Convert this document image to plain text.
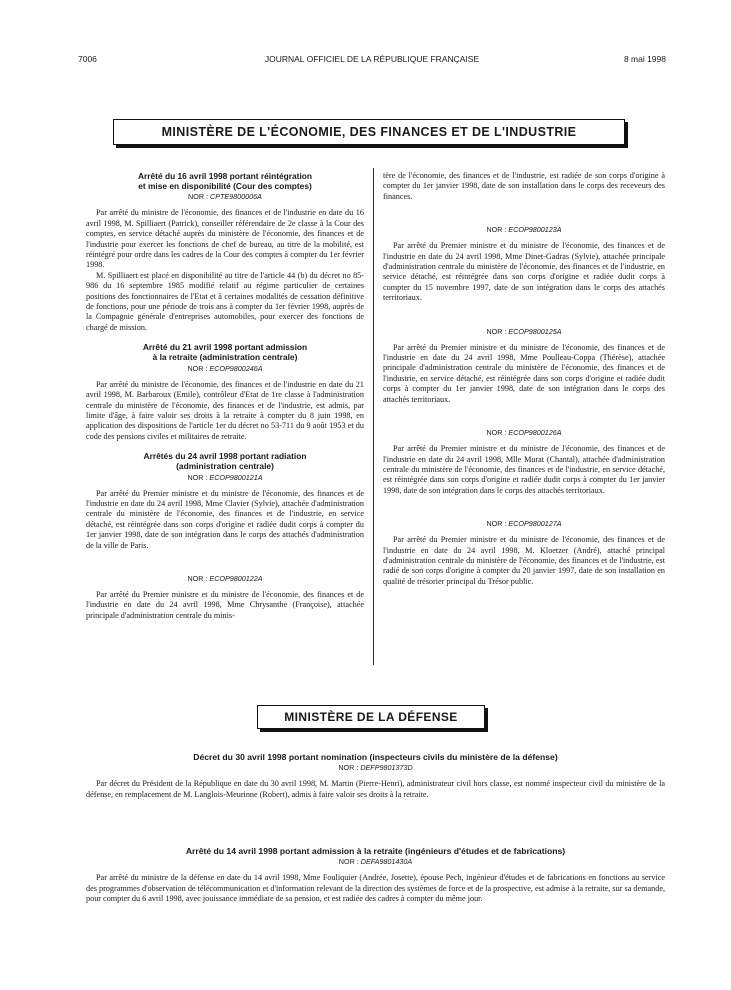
7006	JOURNAL OFFICIEL DE LA RÉPUBLIQUE FRANÇAISE	8 mai 1998
MINISTÈRE DE L'ÉCONOMIE, DES FINANCES ET DE L'INDUSTRIE

Arrêté du 16 avril 1998 portant réintégration

et mise en disponibilité (Cour des comptes)

NOR : CPTE9800006A

Par arrêté du ministre de l'économie, des finances et de l'industrie en date du 16 avril 1998, M. Spilliaert (Patrick), conseiller référendaire de 2e classe à la Cour des comptes, en service détaché auprès du ministère de l'économie, des finances et de l'industrie pour exercer les fonctions de chef de bureau, au titre de la mobilité, est réintégré pour ordre dans les cadres de la Cour des comptes à compter du 1er février 1998.

M. Spilliaert est placé en disponibilité au titre de l'article 44 (b) du décret no 85-986 du 16 septembre 1985 modifié relatif au régime particulier de certaines positions des fonctionnaires de l'Etat et à certaines modalités de cessation définitive de fonctions, pour une période de trois ans à compter du 1er février 1998, auprès de la Compagnie générale d'entreprises automobiles, pour exercer des fonctions de chargé de mission.

Arrêté du 21 avril 1998 portant admission

à la retraite (administration centrale)

NOR : ECOP9800246A

Par arrêté du ministre de l'économie, des finances et de l'industrie en date du 21 avril 1998, M. Barbaroux (Emile), contrôleur d'Etat de 1re classe à l'administration centrale du ministère de l'économie, des finances et de l'industrie, est admis, par limite d'âge, à faire valoir ses droits à la retraite à compter du 8 juin 1998, en application des dispositions de l'article 1er du décret no 53-711 du 9 août 1953 et du code des pensions civiles et militaires de retraite.

Arrêtés du 24 avril 1998 portant radiation

(administration centrale)

NOR : ECOP9800121A

Par arrêté du Premier ministre et du ministre de l'économie, des finances et de l'industrie en date du 24 avril 1998, Mme Clavier (Sylvie), attachée d'administration centrale du ministère de l'économie, des finances et de l'industrie, en service détaché, est réintégrée dans son corps d'origine et radiée dudit corps à compter du 1er janvier 1998, date de son intégration dans le corps des attachés d'administration de la ville de Paris.

NOR : ECOP9800122A

Par arrêté du Premier ministre et du ministre de l'économie, des finances et de l'industrie en date du 24 avril 1998, Mme Chrysanthe (Françoise), attachée principale d'administration centrale du minis-

tère de l'économie, des finances et de l'industrie, est radiée de son corps d'origine à compter du 1er janvier 1998, date de son installation dans le corps des receveurs des finances.

NOR : ECOP9800123A

Par arrêté du Premier ministre et du ministre de l'économie, des finances et de l'industrie en date du 24 avril 1998, Mme Dinet-Gadras (Sylvie), attachée principale d'administration centrale du ministère de l'économie, des finances et de l'industrie, en service détaché, est réintégrée dans son corps d'origine et radiée dudit corps à compter du 15 novembre 1997, date de son intégration dans le corps des attachés territoriaux.

NOR : ECOP9800125A

Par arrêté du Premier ministre et du ministre de l'économie, des finances et de l'industrie en date du 24 avril 1998, Mme Poulleau-Coppa (Thérèse), attachée principale d'administration centrale du ministère de l'économie, des finances et de l'industrie, en service détaché, est réintégrée dans son corps d'origine et radiée dudit corps à compter du 1er janvier 1998, date de son intégration dans le corps des attachés territoriaux.

NOR : ECOP9800126A

Par arrêté du Premier ministre et du ministre de l'économie, des finances et de l'industrie en date du 24 avril 1998, Mlle Murat (Chantal), attachée d'administration centrale du ministère de l'économie, des finances et de l'industrie, en service détaché, est réintégrée dans son corps d'origine et radiée dudit corps à compter du 1er janvier 1998, date de son intégration dans le corps des attachés territoriaux.

NOR : ECOP9800127A

Par arrêté du Premier ministre et du ministre de l'économie, des finances et de l'industrie en date du 24 avril 1998, M. Kloetzer (André), attaché principal d'administration centrale du ministère de l'économie, des finances et de l'industrie, est radié de son corps d'origine à compter du 20 janvier 1997, date de son installation en qualité de trésorier principal du Trésor public.

MINISTÈRE DE LA DÉFENSE

Décret du 30 avril 1998 portant nomination (inspecteurs civils du ministère de la défense)

NOR : DEFP9801373D

Par décret du Président de la République en date du 30 avril 1998, M. Martin (Pierre-Henri), administrateur civil hors classe, est nommé inspecteur civil du ministère de la défense, en remplacement de M. Langlois-Meurinne (Robert), admis à faire valoir ses droits à la retraite.

Arrêté du 14 avril 1998 portant admission à la retraite (ingénieurs d'études et de fabrications)

NOR : DEFA9801430A

Par arrêté du ministre de la défense en date du 14 avril 1998, Mme Fouliquier (Andrée, Josette), épouse Pech, ingénieur d'études et de fabrications en fonctions au service des programmes d'observation de télécommunication et d'information relevant de la direction des systèmes de force et de la prospective, est admise à la retraite, sur sa demande, pour compter du 6 avril 1998, avec jouissance immédiate de sa pension, et est radiée des cadres à compter du même jour.
